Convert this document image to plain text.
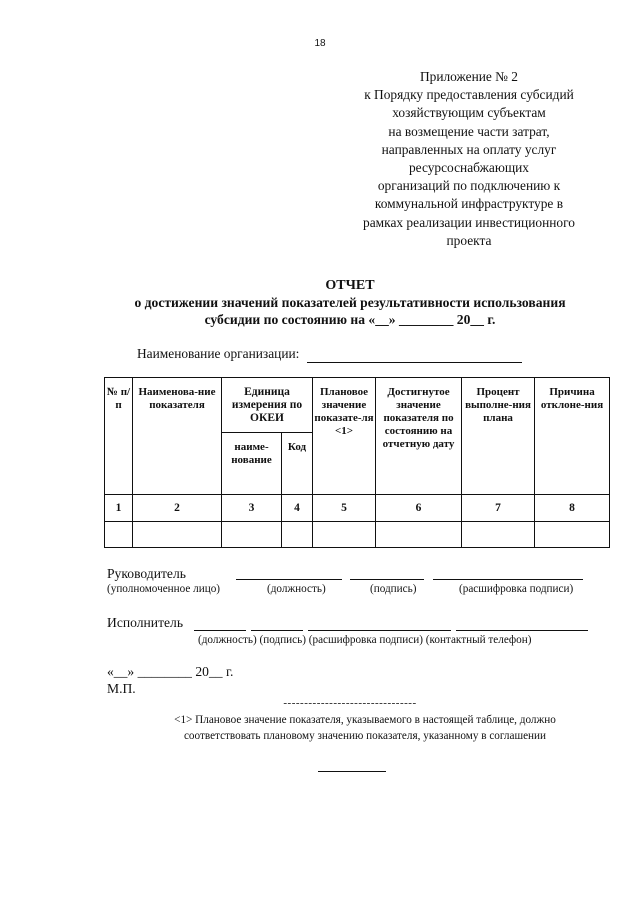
18
Приложение № 2
к Порядку предоставления субсидий
хозяйствующим субъектам
на возмещение части затрат,
направленных на оплату услуг
ресурсоснабжающих
организаций по подключению к
коммунальной инфраструктуре в
рамках реализации инвестиционного
проекта
ОТЧЕТ
о достижении значений показателей результативности использования
субсидии по состоянию на «__» ________ 20__ г.
Наименование организации:
№ п/п	Наименова-ние показателя	Единица измерения по ОКЕИ		Плановое значение показате-ля <1>	Достигнутое значение показателя по состоянию на отчетную дату	Процент выполне-ния плана	Причина отклоне-ния
		наиме-нование	Код				
1	2	3	4	5	6	7	8

Руководитель
(уполномоченное лицо)	(должность)	(подпись)	(расшифровка подписи)
Исполнитель
(должность) (подпись) (расшифровка подписи) (контактный телефон)
«__» ________ 20__ г.
М.П.
--------------------------------
<1> Плановое значение показателя, указываемого в настоящей таблице, должно
соответствовать плановому значению показателя, указанному в соглашении
